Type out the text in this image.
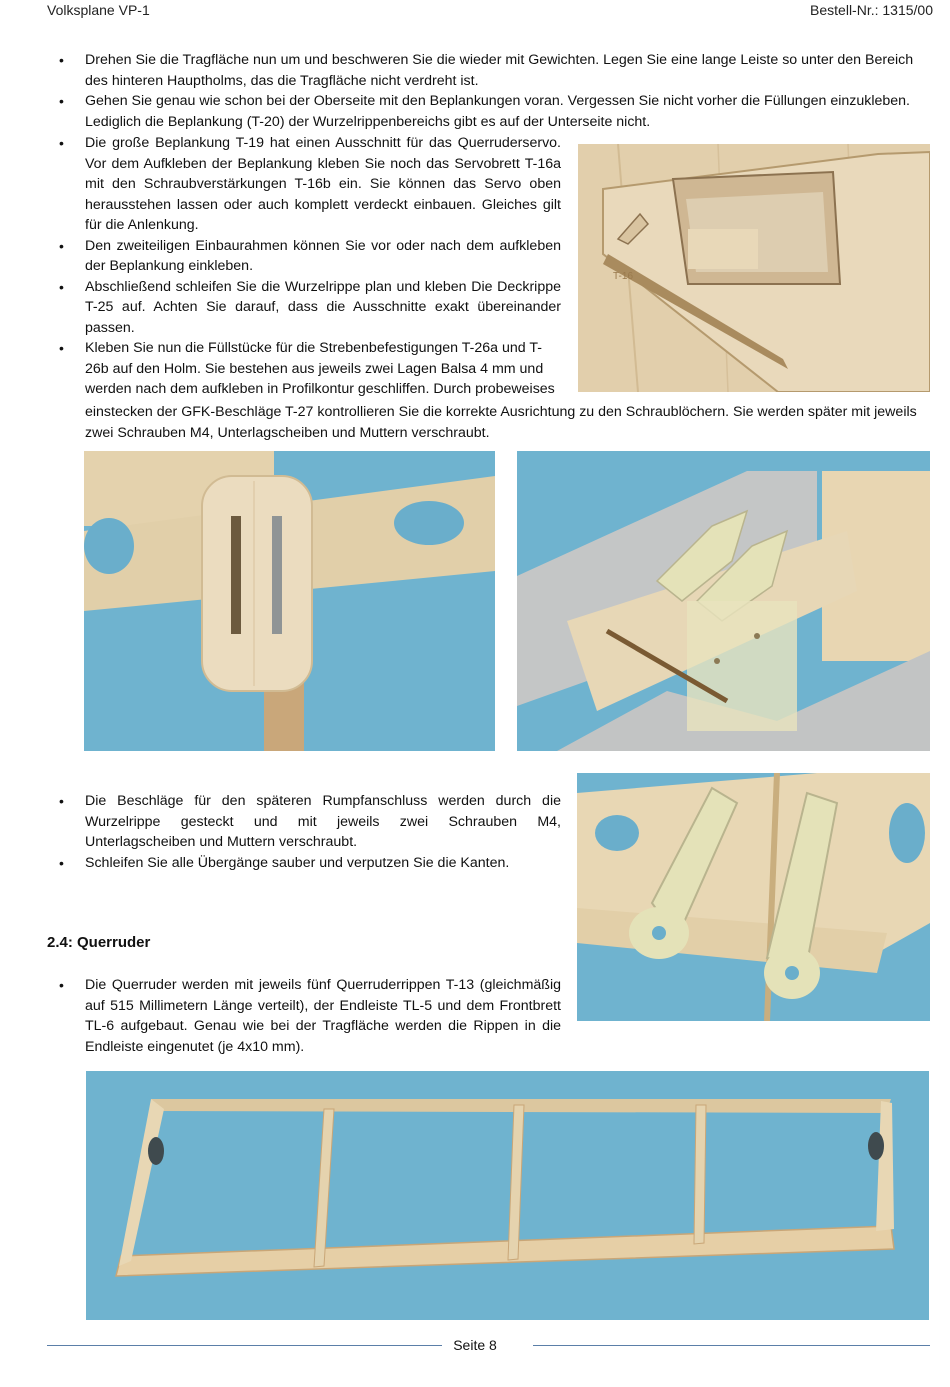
Volksplane VP-1	Bestell-Nr.: 1315/00
• Drehen Sie die Tragfläche nun um und beschweren Sie die wieder mit Gewichten. Legen Sie eine lange Leiste so unter den Bereich des hinteren Hauptholms, das die Tragfläche nicht verdreht ist.
• Gehen Sie genau wie schon bei der Oberseite mit den Beplankungen voran. Vergessen Sie nicht vorher die Füllungen einzukleben. Lediglich die Beplankung (T-20) der Wurzelrippenbereichs gibt es auf der Unterseite nicht.
• Die große Beplankung T-19 hat einen Ausschnitt für das Querruderservo. Vor dem Aufkleben der Beplankung kleben Sie noch das Servobrett T-16a mit den Schraubverstärkungen T-16b ein. Sie können das Servo oben herausstehen lassen oder auch komplett verdeckt einbauen. Gleiches gilt für die Anlenkung.
• Den zweiteiligen Einbaurahmen können Sie vor oder nach dem aufkleben der Beplankung einkleben.
• Abschließend schleifen Sie die Wurzelrippe plan und kleben Die Deckrippe T-25 auf. Achten Sie darauf, dass die Ausschnitte exakt übereinander passen.
• Kleben Sie nun die Füllstücke für die Strebenbefestigungen T-26a und T-26b auf den Holm. Sie bestehen aus jeweils zwei Lagen Balsa 4 mm und werden nach dem aufkleben in Profilkontur geschliffen. Durch probeweises
einstecken der GFK-Beschläge T-27 kontrollieren Sie die korrekte Ausrichtung zu den Schraublöchern. Sie werden später mit jeweils zwei Schrauben M4, Unterlagscheiben und Muttern verschraubt.
T-16
• Die Beschläge für den späteren Rumpfanschluss werden durch die Wurzelrippe gesteckt und mit jeweils zwei Schrauben M4, Unterlagscheiben und Muttern verschraubt.
• Schleifen Sie alle Übergänge sauber und verputzen Sie die Kanten.
2.4: Querruder
• Die Querruder werden mit jeweils fünf Querruderrippen T-13 (gleichmäßig auf 515 Millimetern Länge verteilt), der Endleiste TL-5 und dem Frontbrett TL-6 aufgebaut. Genau wie bei der Tragfläche werden die Rippen in die Endleiste eingenutet (je 4x10 mm).
Seite 8
